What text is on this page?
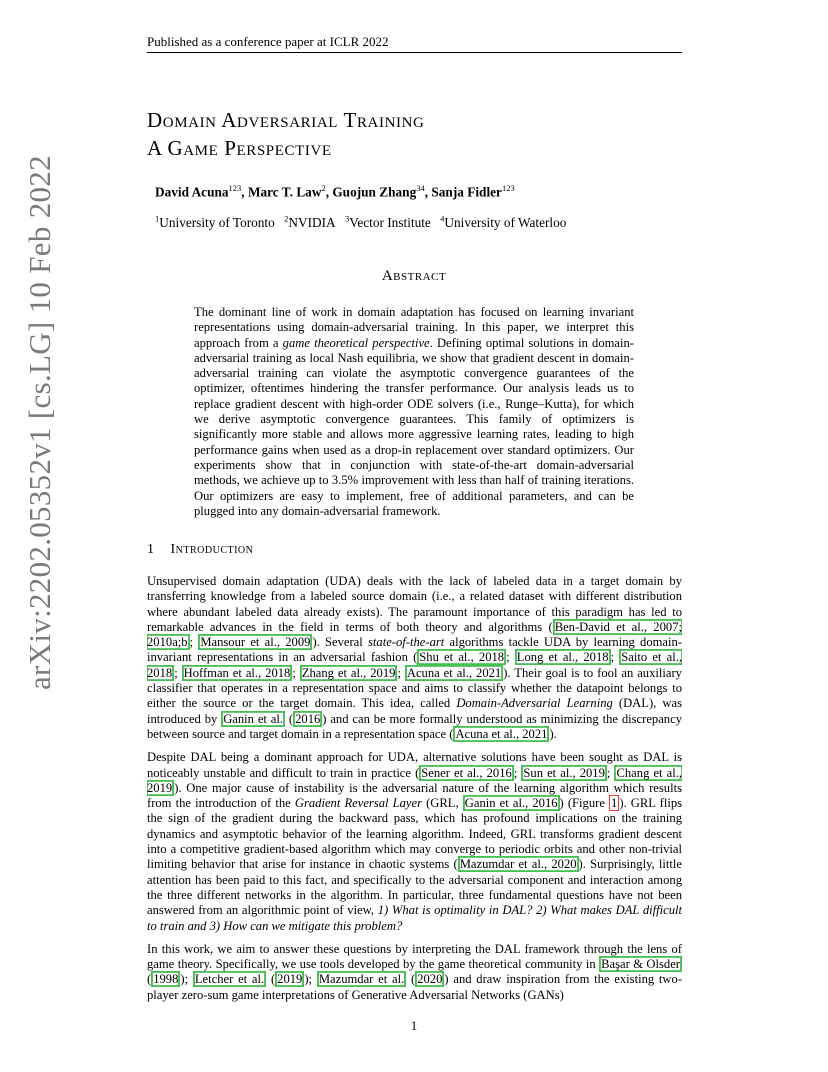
Published as a conference paper at ICLR 2022
arXiv:2202.05352v1 [cs.LG] 10 Feb 2022
Domain Adversarial Training
A Game Perspective
David Acuna$^{123}$, Marc T. Law$^2$, Guojun Zhang$^{34}$, Sanja Fidler$^{123}$
$^1$University of Toronto $^2$NVIDIA $^3$Vector Institute $^4$University of Waterloo
Abstract

The dominant line of work in domain adaptation has focused on learning invariant representations using domain-adversarial training. In this paper, we interpret this approach from a game theoretical perspective. Defining optimal solutions in domain-adversarial training as local Nash equilibria, we show that gradient descent in domain-adversarial training can violate the asymptotic convergence guarantees of the optimizer, oftentimes hindering the transfer performance. Our analysis leads us to replace gradient descent with high-order ODE solvers (i.e., Runge–Kutta), for which we derive asymptotic convergence guarantees. This family of optimizers is significantly more stable and allows more aggressive learning rates, leading to high performance gains when used as a drop-in replacement over standard optimizers. Our experiments show that in conjunction with state-of-the-art domain-adversarial methods, we achieve up to 3.5% improvement with less than half of training iterations. Our optimizers are easy to implement, free of additional parameters, and can be plugged into any domain-adversarial framework.

1 Introduction

Unsupervised domain adaptation (UDA) deals with the lack of labeled data in a target domain by transferring knowledge from a labeled source domain (i.e., a related dataset with different distribution where abundant labeled data already exists). The paramount importance of this paradigm has led to remarkable advances in the field in terms of both theory and algorithms ( Ben-David et al., 2007; 2010a;b ; Mansour et al., 2009 ). Several state-of-the-art algorithms tackle UDA by learning domain-invariant representations in an adversarial fashion ( Shu et al., 2018 ; Long et al., 2018 ; Saito et al., 2018 ; Hoffman et al., 2018 ; Zhang et al., 2019 ; Acuna et al., 2021 ). Their goal is to fool an auxiliary classifier that operates in a representation space and aims to classify whether the datapoint belongs to either the source or the target domain. This idea, called Domain-Adversarial Learning (DAL), was introduced by Ganin et al. ( 2016 ) and can be more formally understood as minimizing the discrepancy between source and target domain in a representation space ( Acuna et al., 2021 ).

Despite DAL being a dominant approach for UDA, alternative solutions have been sought as DAL is noticeably unstable and difficult to train in practice ( Sener et al., 2016 ; Sun et al., 2019 ; Chang et al., 2019 ). One major cause of instability is the adversarial nature of the learning algorithm which results from the introduction of the Gradient Reversal Layer (GRL, Ganin et al., 2016 ) (Figure 1 ). GRL flips the sign of the gradient during the backward pass, which has profound implications on the training dynamics and asymptotic behavior of the learning algorithm. Indeed, GRL transforms gradient descent into a competitive gradient-based algorithm which may converge to periodic orbits and other non-trivial limiting behavior that arise for instance in chaotic systems ( Mazumdar et al., 2020 ). Surprisingly, little attention has been paid to this fact, and specifically to the adversarial component and interaction among the three different networks in the algorithm. In particular, three fundamental questions have not been answered from an algorithmic point of view, 1) What is optimality in DAL? 2) What makes DAL difficult to train and 3) How can we mitigate this problem?

In this work, we aim to answer these questions by interpreting the DAL framework through the lens of game theory. Specifically, we use tools developed by the game theoretical community in Başar & Olsder ( 1998 ); Letcher et al. ( 2019 ); Mazumdar et al. ( 2020 ) and draw inspiration from the existing two-player zero-sum game interpretations of Generative Adversarial Networks (GANs)

1
